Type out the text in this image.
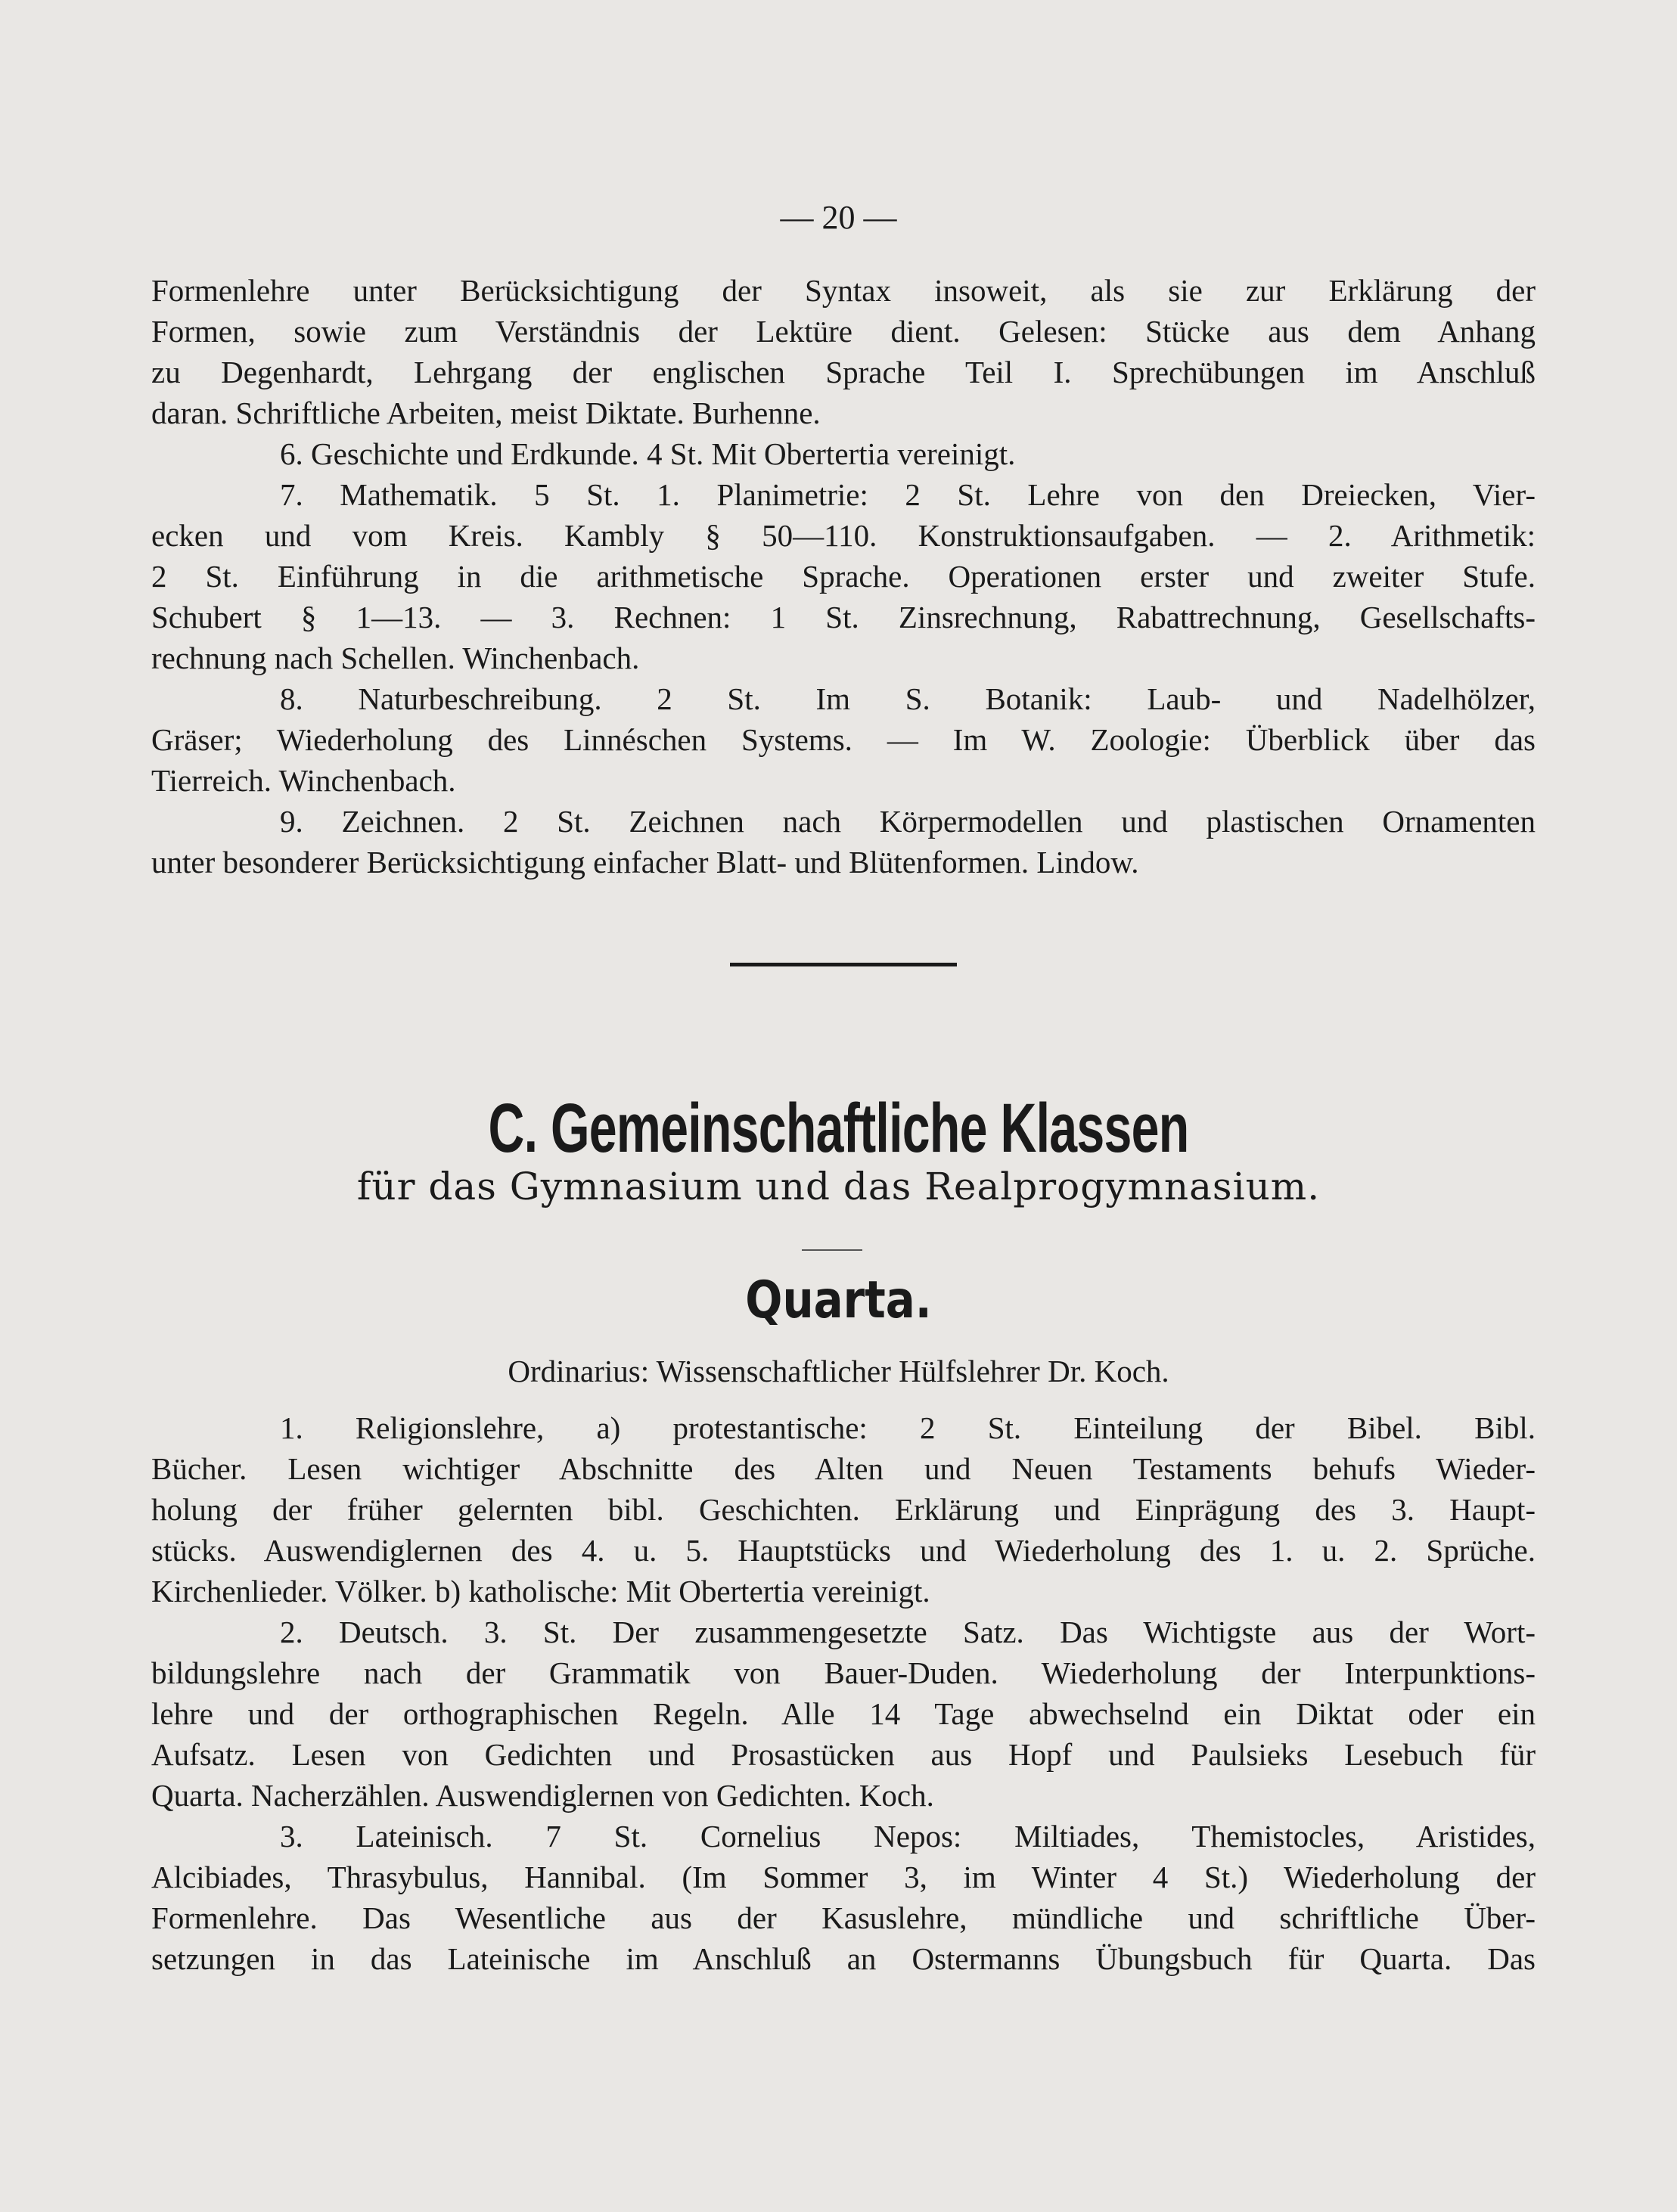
— 20 —
Formenlehre unter Berücksichtigung der Syntax insoweit, als sie zur Erklärung der
Formen, sowie zum Verständnis der Lektüre dient. Gelesen: Stücke aus dem Anhang
zu Degenhardt, Lehrgang der englischen Sprache Teil I. Sprechübungen im Anschluß
daran. Schriftliche Arbeiten, meist Diktate. Burhenne.
6. Geschichte und Erdkunde. 4 St. Mit Obertertia vereinigt.
7. Mathematik. 5 St. 1. Planimetrie: 2 St. Lehre von den Dreiecken, Vier-
ecken und vom Kreis. Kambly § 50—110. Konstruktionsaufgaben. — 2. Arithmetik:
2 St. Einführung in die arithmetische Sprache. Operationen erster und zweiter Stufe.
Schubert § 1—13. — 3. Rechnen: 1 St. Zinsrechnung, Rabattrechnung, Gesellschafts-
rechnung nach Schellen. Winchenbach.
8. Naturbeschreibung. 2 St. Im S. Botanik: Laub- und Nadelhölzer,
Gräser; Wiederholung des Linnéschen Systems. — Im W. Zoologie: Überblick über das
Tierreich. Winchenbach.
9. Zeichnen. 2 St. Zeichnen nach Körpermodellen und plastischen Ornamenten
unter besonderer Berücksichtigung einfacher Blatt- und Blütenformen. Lindow.
C. Gemeinschaftliche Klassen
für das Gymnasium und das Realprogymnasium.
Quarta.
Ordinarius: Wissenschaftlicher Hülfslehrer Dr. Koch.
1. Religionslehre, a) protestantische: 2 St. Einteilung der Bibel. Bibl.
Bücher. Lesen wichtiger Abschnitte des Alten und Neuen Testaments behufs Wieder-
holung der früher gelernten bibl. Geschichten. Erklärung und Einprägung des 3. Haupt-
stücks. Auswendiglernen des 4. u. 5. Hauptstücks und Wiederholung des 1. u. 2. Sprüche.
Kirchenlieder. Völker. b) katholische: Mit Obertertia vereinigt.
2. Deutsch. 3. St. Der zusammengesetzte Satz. Das Wichtigste aus der Wort-
bildungslehre nach der Grammatik von Bauer-Duden. Wiederholung der Interpunktions-
lehre und der orthographischen Regeln. Alle 14 Tage abwechselnd ein Diktat oder ein
Aufsatz. Lesen von Gedichten und Prosastücken aus Hopf und Paulsieks Lesebuch für
Quarta. Nacherzählen. Auswendiglernen von Gedichten. Koch.
3. Lateinisch. 7 St. Cornelius Nepos: Miltiades, Themistocles, Aristides,
Alcibiades, Thrasybulus, Hannibal. (Im Sommer 3, im Winter 4 St.) Wiederholung der
Formenlehre. Das Wesentliche aus der Kasuslehre, mündliche und schriftliche Über-
setzungen in das Lateinische im Anschluß an Ostermanns Übungsbuch für Quarta. Das
